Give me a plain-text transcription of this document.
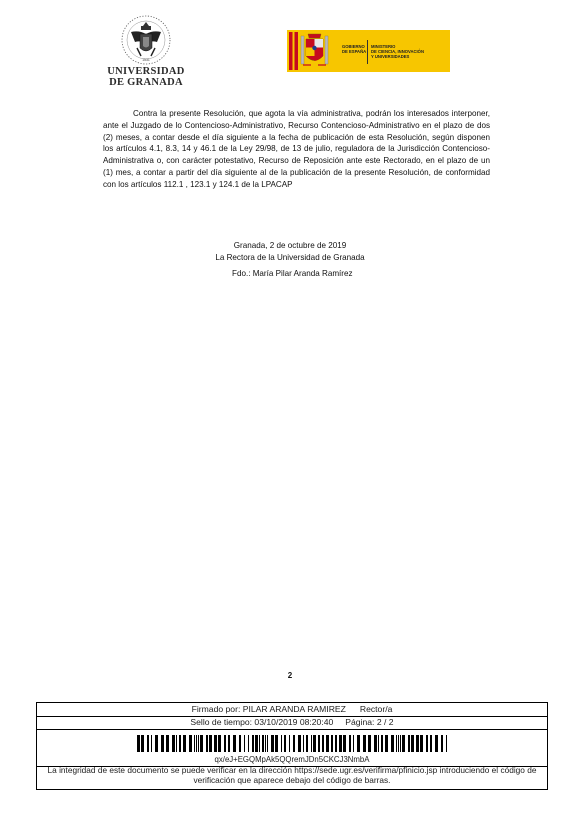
1531
UNIVERSIDAD
DE GRANADA
GOBIERNO
DE ESPAÑA
MINISTERIO
DE CIENCIA, INNOVACIÓN
Y UNIVERSIDADES

Contra la presente Resolución, que agota la vía administrativa, podrán los interesados interponer, ante el Juzgado de lo Contencioso-Administrativo, Recurso Contencioso-Administrativo en el plazo de dos (2) meses, a contar desde el día siguiente a la fecha de publicación de esta Resolución, según disponen los artículos 4.1, 8.3, 14 y 46.1 de la Ley 29/98, de 13 de julio, reguladora de la Jurisdicción Contencioso-Administrativa o, con carácter potestativo, Recurso de Reposición ante este Rectorado, en el plazo de un (1) mes, a contar a partir del día siguiente al de la publicación de la presente Resolución, de conformidad con los artículos 112.1 , 123.1 y 124.1 de la LPACAP

Granada, 2 de octubre de 2019
La Rectora de la Universidad de Granada
Fdo.: María Pilar Aranda Ramírez
2
Firmado por: PILAR ARANDA RAMIREZ Rector/a
Sello de tiempo: 03/10/2019 08:20:40 Página: 2 / 2
qx/eJ+EGQMpAk5QQremJDn5CKCJ3NmbA
La integridad de este documento se puede verificar en la dirección https://sede.ugr.es/verifirma/pfinicio.jsp introduciendo el código de verificación que aparece debajo del código de barras.
